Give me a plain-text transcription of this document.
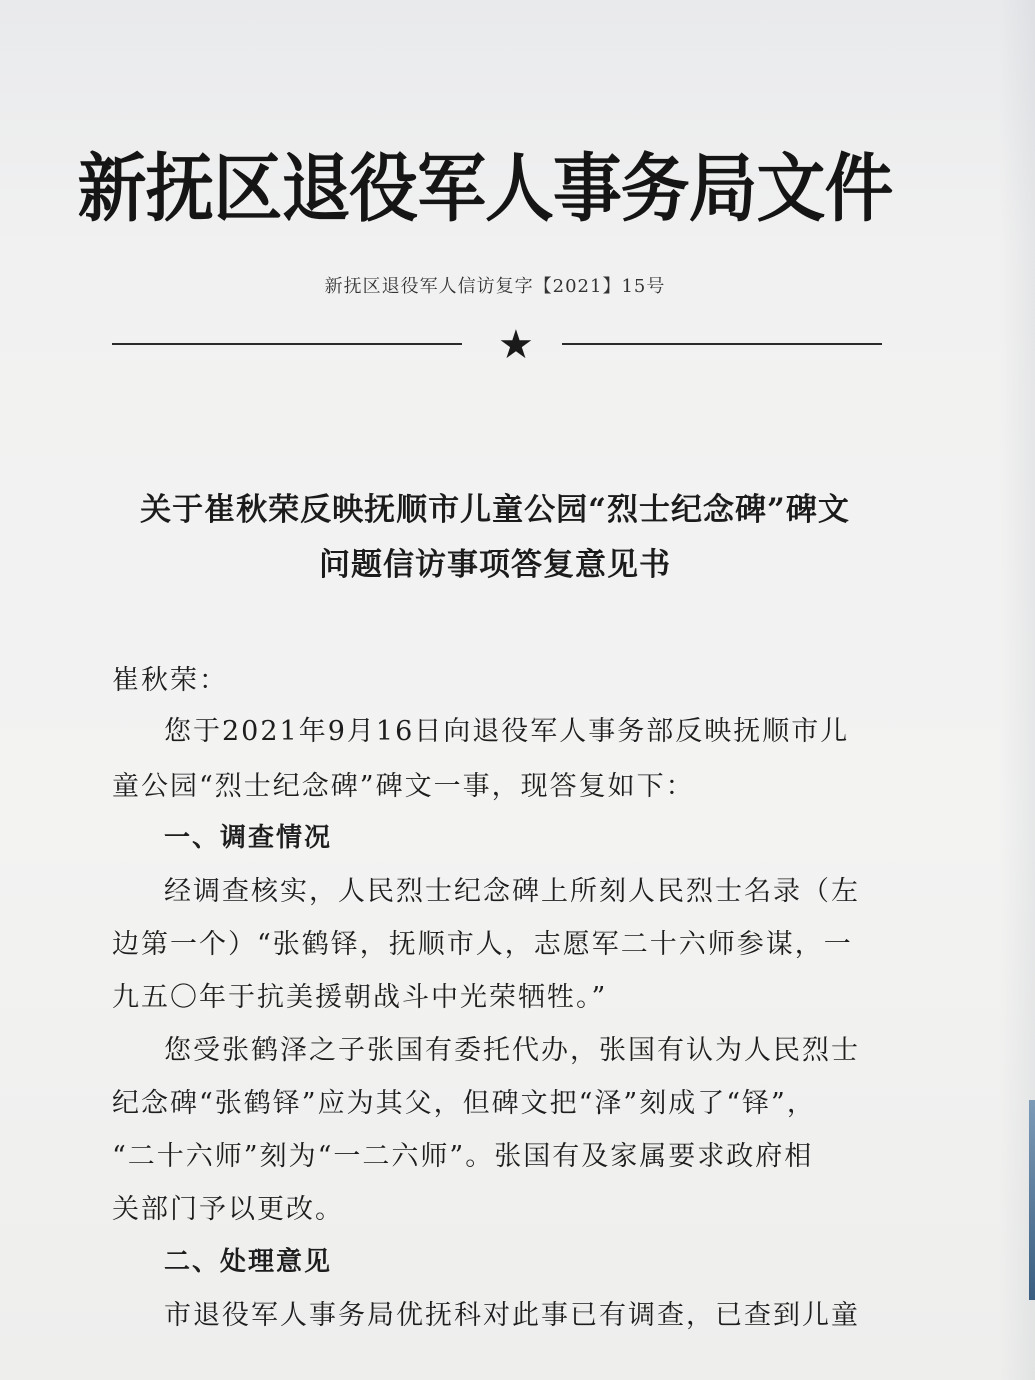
新抚区退役军人事务局文件
新抚区退役军人信访复字【2021】15号
★
关于崔秋荣反映抚顺市儿童公园“烈士纪念碑”碑文
问题信访事项答复意见书
崔秋荣：
您于2021年9月16日向退役军人事务部反映抚顺市儿
童公园“烈士纪念碑”碑文一事，现答复如下：
一、调查情况
经调查核实，人民烈士纪念碑上所刻人民烈士名录（左
边第一个）“张鹤铎，抚顺市人，志愿军二十六师参谋，一
九五〇年于抗美援朝战斗中光荣牺牲。”
您受张鹤泽之子张国有委托代办，张国有认为人民烈士
纪念碑“张鹤铎”应为其父，但碑文把“泽”刻成了“铎”，
“二十六师”刻为“一二六师”。张国有及家属要求政府相
关部门予以更改。
二、处理意见
市退役军人事务局优抚科对此事已有调查，已查到儿童
